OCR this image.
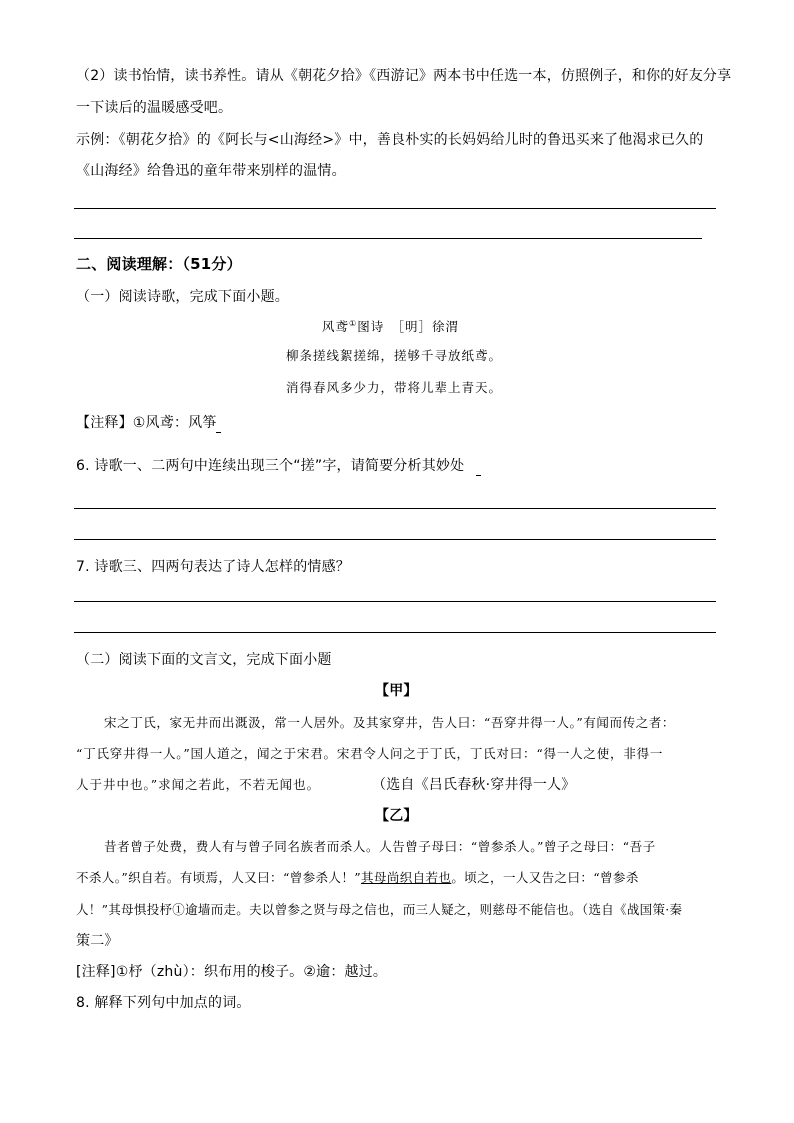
（2）读书怡情，读书养性。请从《朝花夕拾》《西游记》两本书中任选一本，仿照例子，和你的好友分享
一下读后的温暖感受吧。
示例：《朝花夕拾》的《阿长与<山海经>》中，善良朴实的长妈妈给儿时的鲁迅买来了他渴求已久的
《山海经》给鲁迅的童年带来别样的温情。
二、阅读理解：（51分）
（一）阅读诗歌，完成下面小题。
风鸢①图诗　［明］徐渭
柳条搓线絮搓绵，搓够千寻放纸鸢。
消得春风多少力，带将儿辈上青天。
【注释】①风鸢：风筝
6. 诗歌一、二两句中连续出现三个“搓”字，请简要分析其妙处
7. 诗歌三、四两句表达了诗人怎样的情感？
（二）阅读下面的文言文，完成下面小题
【甲】
宋之丁氏，家无井而出溉汲，常一人居外。及其家穿井，告人曰：“吾穿井得一人。”有闻而传之者：
“丁氏穿井得一人。”国人道之，闻之于宋君。宋君令人问之于丁氏，丁氏对曰：“得一人之使，非得一
人于井中也。”求闻之若此，不若无闻也。	（选自《吕氏春秋·穿井得一人》
【乙】
昔者曾子处费，费人有与曾子同名族者而杀人。人告曾子母曰：“曾参杀人。”曾子之母曰：“吾子
不杀人。”织自若。有顷焉，人又曰：“曾参杀人！”其母尚织自若也。顷之，一人又告之曰：“曾参杀
人！”其母惧投杼①逾墙而走。夫以曾参之贤与母之信也，而三人疑之，则慈母不能信也。（选自《战国策·秦
策二》
[注释]①杼（zhù）：织布用的梭子。②逾：越过。
8. 解释下列句中加点的词。
